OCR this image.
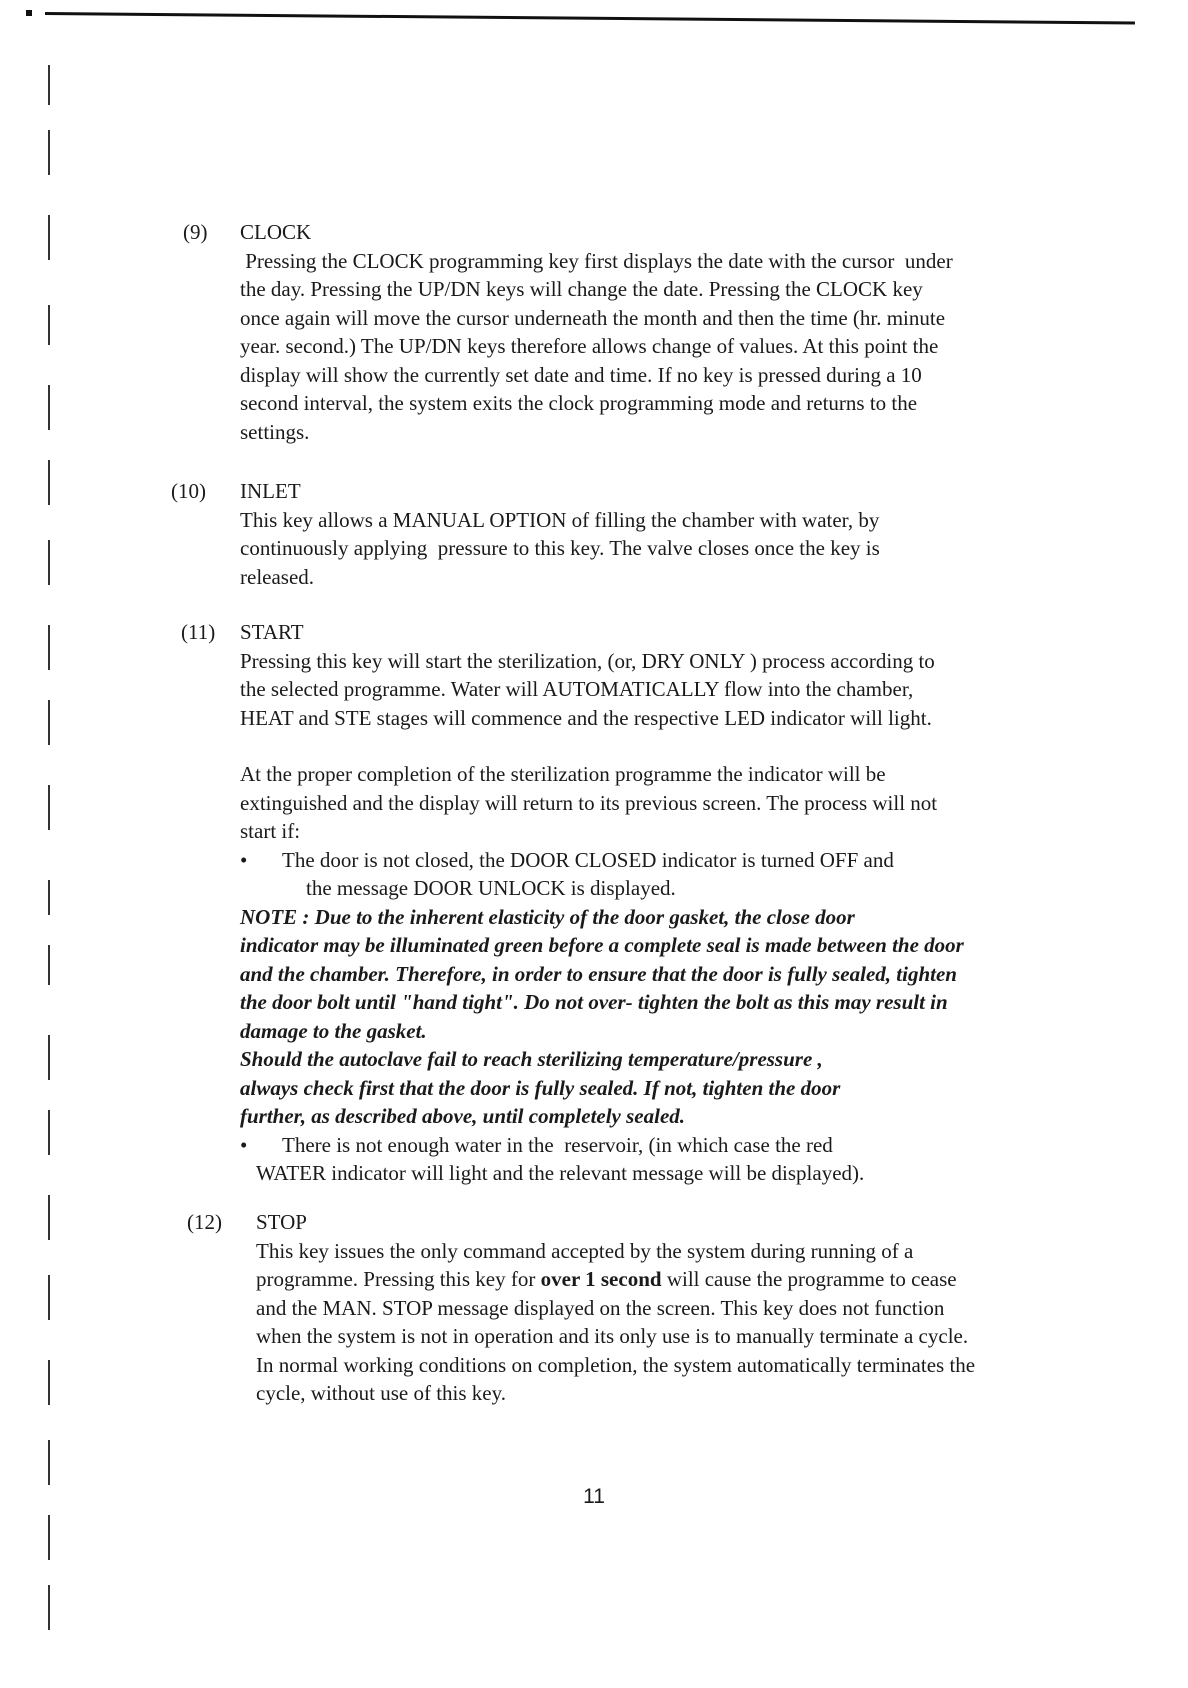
(9) CLOCK

Pressing the CLOCK programming key first displays the date with the cursor  under

the day. Pressing the UP/DN keys will change the date. Pressing the CLOCK key

once again will move the cursor underneath the month and then the time (hr. minute

year. second.) The UP/DN keys therefore allows change of values. At this point the

display will show the currently set date and time. If no key is pressed during a 10

second interval, the system exits the clock programming mode and returns to the

settings.

(10) INLET

This key allows a MANUAL OPTION of filling the chamber with water, by

continuously applying  pressure to this key. The valve closes once the key is

released.

(11) START

Pressing this key will start the sterilization, (or, DRY ONLY ) process according to

the selected programme. Water will AUTOMATICALLY flow into the chamber,

HEAT and STE stages will commence and the respective LED indicator will light.

At the proper completion of the sterilization programme the indicator will be

extinguished and the display will return to its previous screen. The process will not

start if:

•	The door is not closed, the DOOR CLOSED indicator is turned OFF and

the message DOOR UNLOCK is displayed.

NOTE : Due to the inherent elasticity of the door gasket, the close door

indicator may be illuminated green before a complete seal is made between the door

and the chamber. Therefore, in order to ensure that the door is fully sealed, tighten

the door bolt until "hand tight". Do not over- tighten the bolt as this may result in

damage to the gasket.

Should the autoclave fail to reach sterilizing temperature/pressure ,

always check first that the door is fully sealed. If not, tighten the door

further, as described above, until completely sealed.

•	There is not enough water in the  reservoir, (in which case the red

WATER indicator will light and the relevant message will be displayed).

(12) STOP

This key issues the only command accepted by the system during running of a

programme. Pressing this key for over 1 second will cause the programme to cease

and the MAN. STOP message displayed on the screen. This key does not function

when the system is not in operation and its only use is to manually terminate a cycle.

In normal working conditions on completion, the system automatically terminates the

cycle, without use of this key.

11
